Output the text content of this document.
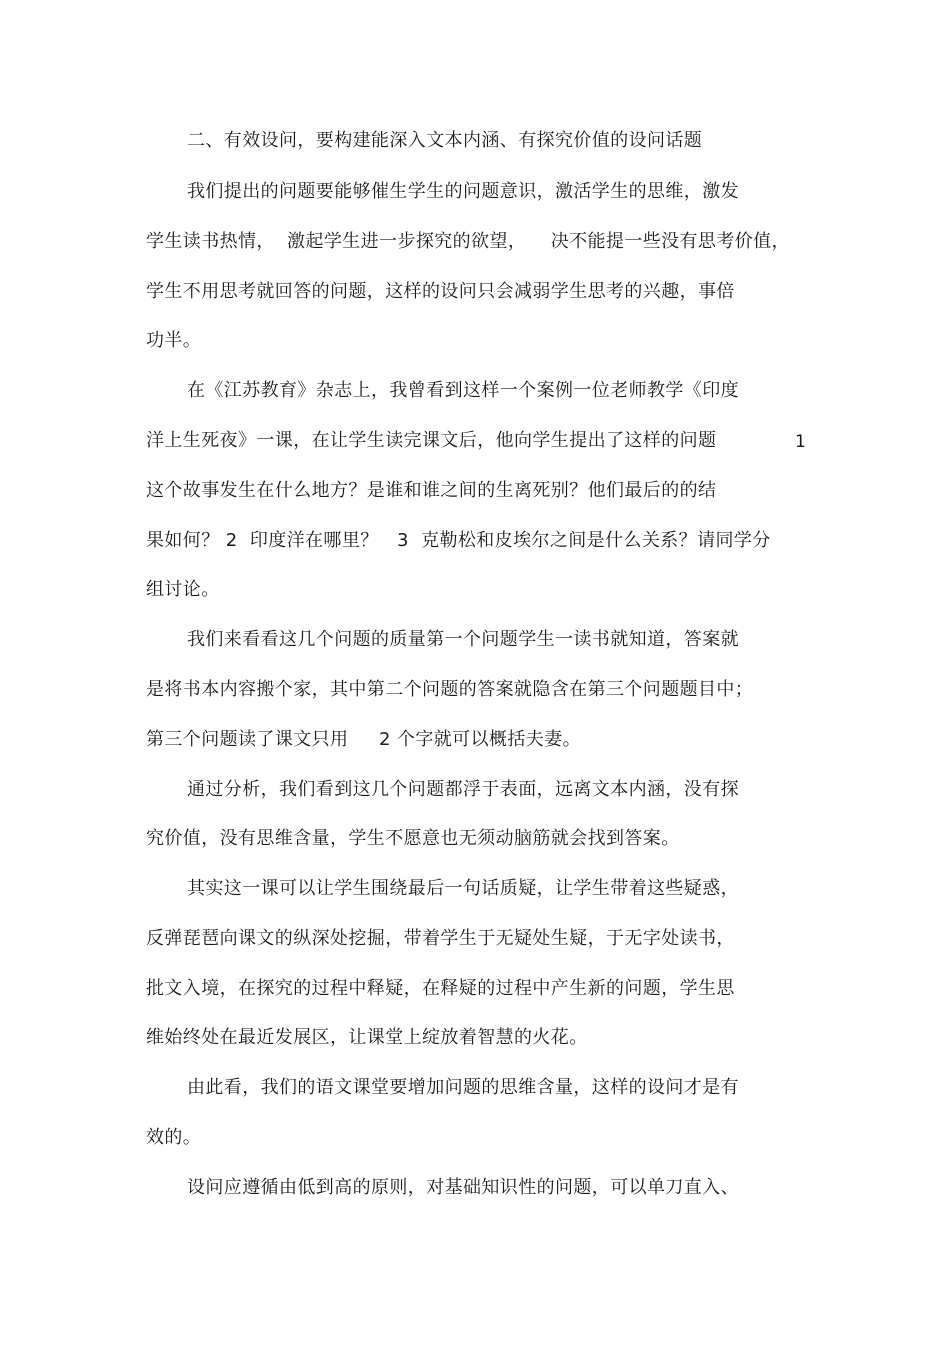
二、有效设问，要构建能深入文本内涵、有探究价值的设问话题
我们提出的问题要能够催生学生的问题意识，激活学生的思维，激发
学生读书热情，  激起学生进一步探究的欲望，    决不能提一些没有思考价值，
学生不用思考就回答的问题，这样的设问只会减弱学生思考的兴趣，事倍
功半。
在《江苏教育》杂志上，我曾看到这样一个案例一位老师教学《印度
洋上生死夜》一课，在让学生读完课文后，他向学生提出了这样的问题	1
这个故事发生在什么地方？是谁和谁之间的生离死别？他们最后的的结
果如何？ 2  印度洋在哪里？   3  克勒松和皮埃尔之间是什么关系？请同学分
组讨论。
我们来看看这几个问题的质量第一个问题学生一读书就知道，答案就
是将书本内容搬个家，其中第二个问题的答案就隐含在第三个问题题目中；
第三个问题读了课文只用     2 个字就可以概括夫妻。
通过分析，我们看到这几个问题都浮于表面，远离文本内涵，没有探
究价值，没有思维含量，学生不愿意也无须动脑筋就会找到答案。
其实这一课可以让学生围绕最后一句话质疑，让学生带着这些疑惑，
反弹琵琶向课文的纵深处挖掘，带着学生于无疑处生疑，于无字处读书，
批文入境，在探究的过程中释疑，在释疑的过程中产生新的问题，学生思
维始终处在最近发展区，让课堂上绽放着智慧的火花。
由此看，我们的语文课堂要增加问题的思维含量，这样的设问才是有
效的。
设问应遵循由低到高的原则，对基础知识性的问题，可以单刀直入、
